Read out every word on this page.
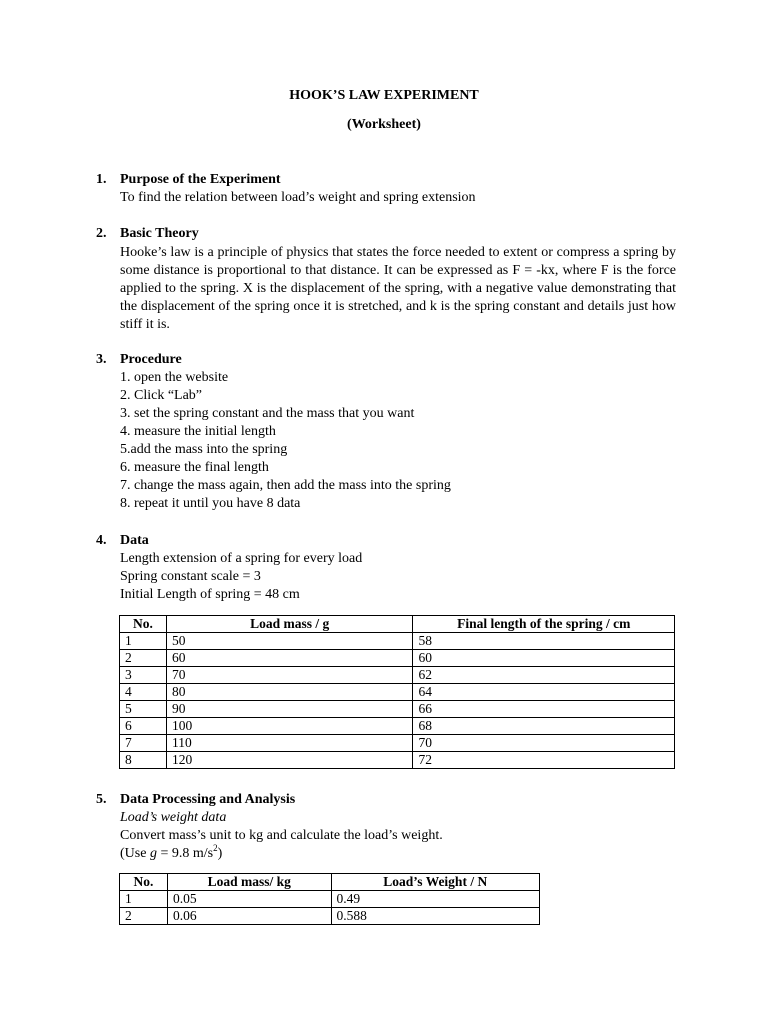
HOOK’S LAW EXPERIMENT
(Worksheet)
1. Purpose of the Experiment
To find the relation between load’s weight and spring extension
2. Basic Theory
Hooke’s law is a principle of physics that states the force needed to extent or compress a spring by some distance is proportional to that distance. It can be expressed as F = -kx, where F is the force applied to the spring. X is the displacement of the spring, with a negative value demonstrating that the displacement of the spring once it is stretched, and k is the spring constant and details just how stiff it is.
3. Procedure
1. open the website
2. Click “Lab”
3. set the spring constant and the mass that you want
4. measure the initial length
5.add the mass into the spring
6. measure the final length
7. change the mass again, then add the mass into the spring
8. repeat it until you have 8 data
4. Data
Length extension of a spring for every load
Spring constant scale = 3
Initial Length of spring = 48 cm
No.	Load mass / g	Final length of the spring / cm
1	50	58
2	60	60
3	70	62
4	80	64
5	90	66
6	100	68
7	110	70
8	120	72
5. Data Processing and Analysis
Load’s weight data
Convert mass’s unit to kg and calculate the load’s weight.
(Use g = 9.8 $m/s^2$)
No.	Load mass/ kg	Load’s Weight / N
1	0.05	0.49
2	0.06	0.588
